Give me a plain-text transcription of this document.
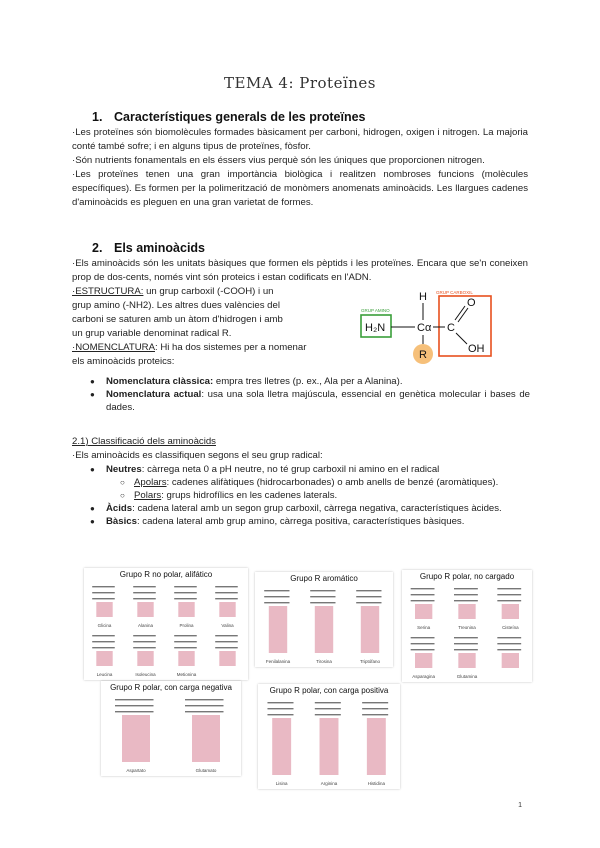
TEMA 4: Proteïnes
1. Característiques generals de les proteïnes

·Les proteïnes són biomolècules formades bàsicament per carboni, hidrogen, oxigen i nitrogen. La majoria conté també sofre; i en alguns tipus de proteïnes, fòsfor.

·Són nutrients fonamentals en els éssers vius perquè són les úniques que proporcionen nitrogen.

·Les proteïnes tenen una gran importància biològica i realitzen nombroses funcions (molècules específiques). Es formen per la polimerització de monòmers anomenats aminoàcids. Les llargues cadenes d'aminoàcids es pleguen en una gran varietat de formes.

2. Els aminoàcids
·Els aminoàcids són les unitats bàsiques que formen els pèptids i les proteïnes. Encara que se'n coneixen prop de dos-cents, només vint són proteics i estan codificats en l'ADN.
·ESTRUCTURA: un grup carboxil (-COOH) i un
grup amino (-NH2). Les altres dues valències del
carboni se saturen amb un àtom d'hidrogen i amb
un grup variable denominat radical R.
·NOMENCLATURA: Hi ha dos sistemes per a nomenar
els aminoàcids proteics:
GRUP AMINO
H₂N
H
Cα
R
GRUP CARBOXIL
C
O
OH
● Nomenclatura clàssica: empra tres lletres (p. ex., Ala per a Alanina).
● Nomenclatura actual: usa una sola lletra majúscula, essencial en genètica molecular i bases de dades.
2.1) Classificació dels aminoàcids
·Els aminoàcids es classifiquen segons el seu grup radical:
● Neutres: càrrega neta 0 a pH neutre, no té grup carboxil ni amino en el radical
○ Apolars: cadenes alifàtiques (hidrocarbonades) o amb anells de benzé (aromàtiques).
○ Polars: grups hidrofílics en les cadenes laterals.
● Àcids: cadena lateral amb un segon grup carboxil, càrrega negativa, característiques àcides.
● Bàsics: cadena lateral amb grup amino, càrrega positiva, característiques bàsiques.
Grupo R no polar, alifático
Glicina	Alanina	Prolina	Valina
Leucina	Isoleucina	Metionina
Grupo R aromático
Fenilalanina	Tirosina	Triptófano
Grupo R polar, no cargado
Serina	Treonina	Cisteína
Asparagina	Glutamina
Grupo R polar, con carga positiva
Lisina	Arginina	Histidina
Grupo R polar, con carga negativa
Aspartato	Glutamato
1
